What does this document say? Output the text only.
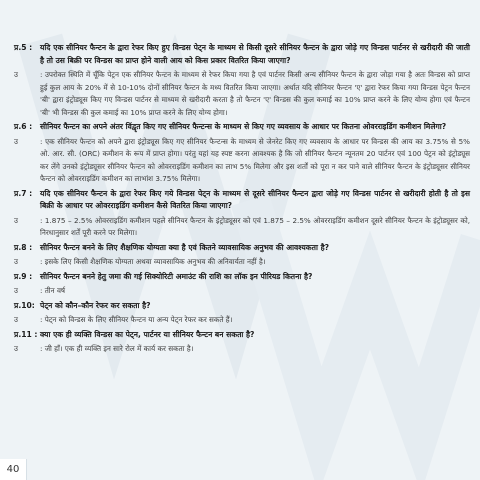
प्र.5 :	यदि एक सीनियर फैन्टन के द्वारा रेफर किए हुए विन्डस पेट्न के माध्यम से किसी दूसरे सीनियर फैन्टन के द्वारा जोड़े गए विन्डस पार्टनर से खरीदारी की जाती है तो उस बिक्री पर विन्डस का प्राप्त होने वाली आय को किस प्रकार वितरित किया जाएगा?
उ	: उपरोक्त स्थिति में चूँकि पेट्रन एक सीनियर फैन्टन के माध्यम से रेफर किया गया है एवं पार्टनर किसी अन्य सीनियर फैन्टन के द्वारा जोड़ा गया है अतः विन्डस को प्राप्त हुई कुल आय के 20% में से 10-10% दोनों सीनियर फैन्टन के मध्य वितरित किया जाएगा। अर्थात यदि सीनियर फैन्टन 'ए' द्वारा रेफर किया गया विन्डस पेट्रन फैन्टन 'बी' द्वारा इंट्रोड्यूस किए गए विन्डस पार्टनर से माध्यम से खरीदारी करता है तो फैन्टन 'ए' विन्डस की कुल कमाई का 10% प्राप्त करने के लिए योग्य होगा एवं फैन्टन 'बी' भी विन्डस की कुल कमाई का 10% प्राप्त करने के लिए योग्य होगा।
प्र.6 :	सीनियर फैन्टन का अपने अंतर विंद्वृत किए गए सीनियर फैन्टन्स के माध्यम से किए गए व्यवसाय के आधार पर कितना ओवरराइडिंग कमीशन मिलेगा?
उ	: एक सीनियर फैन्टन को अपने द्वारा इंट्रोड्यूस किए गए सीनियर फैन्टन्स के माध्यम से जेनरेट किए गए व्यवसाय के आधार पर विन्डस की आय का 3.75% से 5% ओ. आर. सी. (ORC) कमीशन के रूप में प्राप्त होगा। परंतु यहां यह स्पष्ट करना आवश्यक है कि जो सीनियर फैन्टन न्यूनतम 20 पार्टनर एवं 100 पेट्रन को इंट्रोड्यूस कर लेंगे उनको इंट्रोड्यूसर सीनियर फैन्टन को ओवरराइडिंग कमीशन का लाभ 5% मिलेगा और इस शर्तों को पूरा न कर पाने वाले सीनियर फैन्टन के इंट्रोड्यूसर सीनियर फैन्टन को ओवरराइडिंग कमीशन का लाभांश 3.75% मिलेगा।
प्र.7 :	यदि एक सीनियर फैन्टन के द्वारा रेफर किए गये विन्डस पेट्न के माध्यम से दूसरे सीनियर फैन्टन द्वारा जोड़े गए विन्डस पार्टनर से खरीदारी होती है तो इस बिक्री के आधार पर ओवरराइडिंग कमीशन कैसे वितरित किया जाएगा?
उ	: 1.875 – 2.5% ओवरराइडिंग कमीशन पहले सीनियर फैन्टन के इंट्रोड्यूसर को एवं 1.875 – 2.5% ओवरराइडिंग कमीशन दूसरे सीनियर फैन्टन के इंट्रोड्यूसर को, निरधानुसार शर्तें पूरी करने पर मिलेगा।
प्र.8 :	सीनियर फैन्टन बनने के लिए शैक्षणिक योग्यता क्या है एवं कितने व्यावसायिक अनुभव की आवश्यकता है?
उ	: इसके लिए किसी शैक्षणिक योग्यता अथवा व्यावसायिक अनुभव की अनिवार्यता नहीं है।
प्र.9 :	सीनियर फैन्टन बनने हेतु जमा की गई सिक्योरिटी अमाउंट की राशि का लॉक इन पीरियड कितना है?
उ	: तीन वर्ष
प्र.10: पेट्न को कौन–कौन रेफर कर सकता है?
उ	: पेट्न को विन्डस के लिए सीनियर फैन्टन या अन्य पेट्न रेफर कर सकते हैं।
प्र.11 : क्या एक ही व्यक्ति विन्डस का पेट्न, पार्टनर या सीनियर फैन्टन बन सकता है?
उ	: जी हाँ। एक ही व्यक्ति इन सारे रोल में कार्य कर सकता है।
40
